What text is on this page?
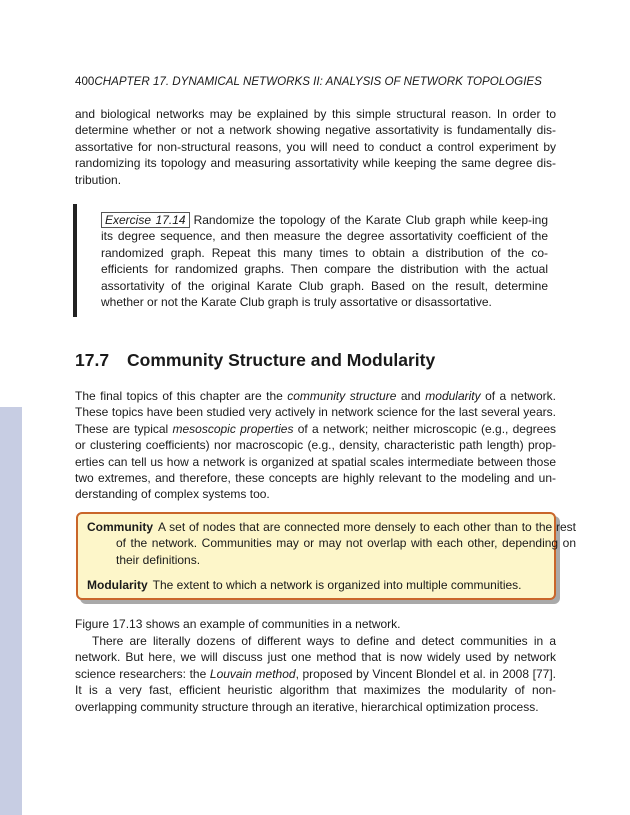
400CHAPTER 17. DYNAMICAL NETWORKS II: ANALYSIS OF NETWORK TOPOLOGIES

and biological networks may be explained by this simple structural reason. In order to determine whether or not a network showing negative assortativity is fundamentally dis-assortative for non-structural reasons, you will need to conduct a control experiment by randomizing its topology and measuring assortativity while keeping the same degree dis-tribution.

Exercise 17.14 Randomize the topology of the Karate Club graph while keep-ing its degree sequence, and then measure the degree assortativity coefficient of the randomized graph. Repeat this many times to obtain a distribution of the co-efficients for randomized graphs. Then compare the distribution with the actual assortativity of the original Karate Club graph. Based on the result, determine whether or not the Karate Club graph is truly assortative or disassortative.

17.7 Community Structure and Modularity

The final topics of this chapter are the community structure and modularity of a network. These topics have been studied very actively in network science for the last several years. These are typical mesoscopic properties of a network; neither microscopic (e.g., degrees or clustering coefficients) nor macroscopic (e.g., density, characteristic path length) prop-erties can tell us how a network is organized at spatial scales intermediate between those two extremes, and therefore, these concepts are highly relevant to the modeling and un-derstanding of complex systems too.

Community A set of nodes that are connected more densely to each other than to the rest of the network. Communities may or may not overlap with each other, depending on their definitions.

Modularity The extent to which a network is organized into multiple communities.

Figure 17.13 shows an example of communities in a network.

There are literally dozens of different ways to define and detect communities in a network. But here, we will discuss just one method that is now widely used by network science researchers: the Louvain method, proposed by Vincent Blondel et al. in 2008 [77]. It is a very fast, efficient heuristic algorithm that maximizes the modularity of non-overlapping community structure through an iterative, hierarchical optimization process.
